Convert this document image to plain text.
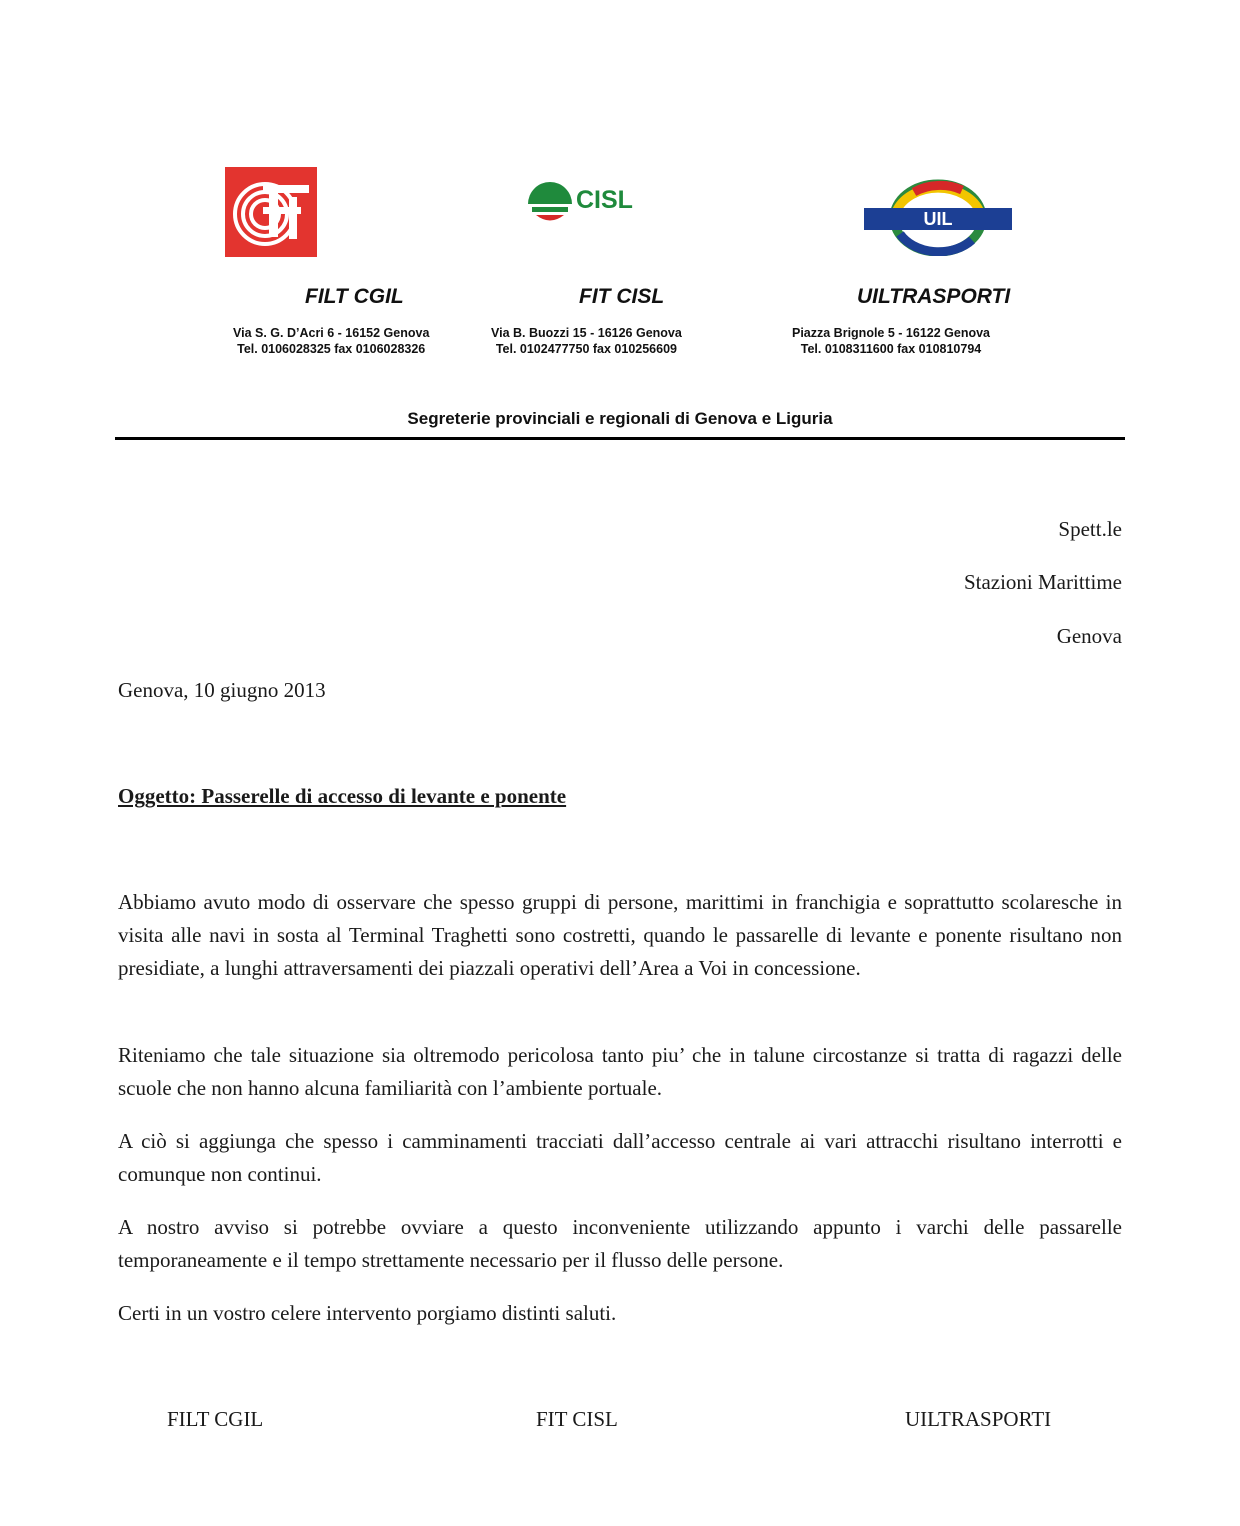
CISL
UIL
FILT CGIL	FIT CISL	UILTRASPORTI
Via S. G. D’Acri 6 - 16152 Genova
Tel. 0106028325 fax 0106028326
Via B. Buozzi 15 - 16126 Genova
Tel. 0102477750 fax 010256609
Piazza Brignole 5 - 16122 Genova
Tel. 0108311600 fax 010810794
Segreterie provinciali e regionali di Genova e Liguria
Spett.le
Stazioni Marittime
Genova
Genova, 10 giugno 2013
Oggetto: Passerelle di accesso di levante e ponente
Abbiamo avuto modo di osservare che spesso gruppi di persone, marittimi in franchigia e soprattutto scolaresche in visita alle navi in sosta al Terminal Traghetti sono costretti, quando le passarelle di levante e ponente risultano non presidiate, a lunghi attraversamenti dei piazzali operativi dell’Area a Voi in concessione.
Riteniamo che tale situazione sia oltremodo pericolosa tanto piu’ che in talune circostanze si tratta di ragazzi delle scuole che non hanno alcuna familiarità con l’ambiente portuale.
A ciò si aggiunga che spesso i camminamenti tracciati dall’accesso centrale ai vari attracchi risultano interrotti e comunque non continui.
A nostro avviso si potrebbe ovviare a questo inconveniente utilizzando appunto i varchi delle passarelle temporaneamente e il tempo strettamente necessario per il flusso delle persone.
Certi in un vostro celere intervento porgiamo distinti saluti.
FILT CGIL	FIT CISL	UILTRASPORTI
